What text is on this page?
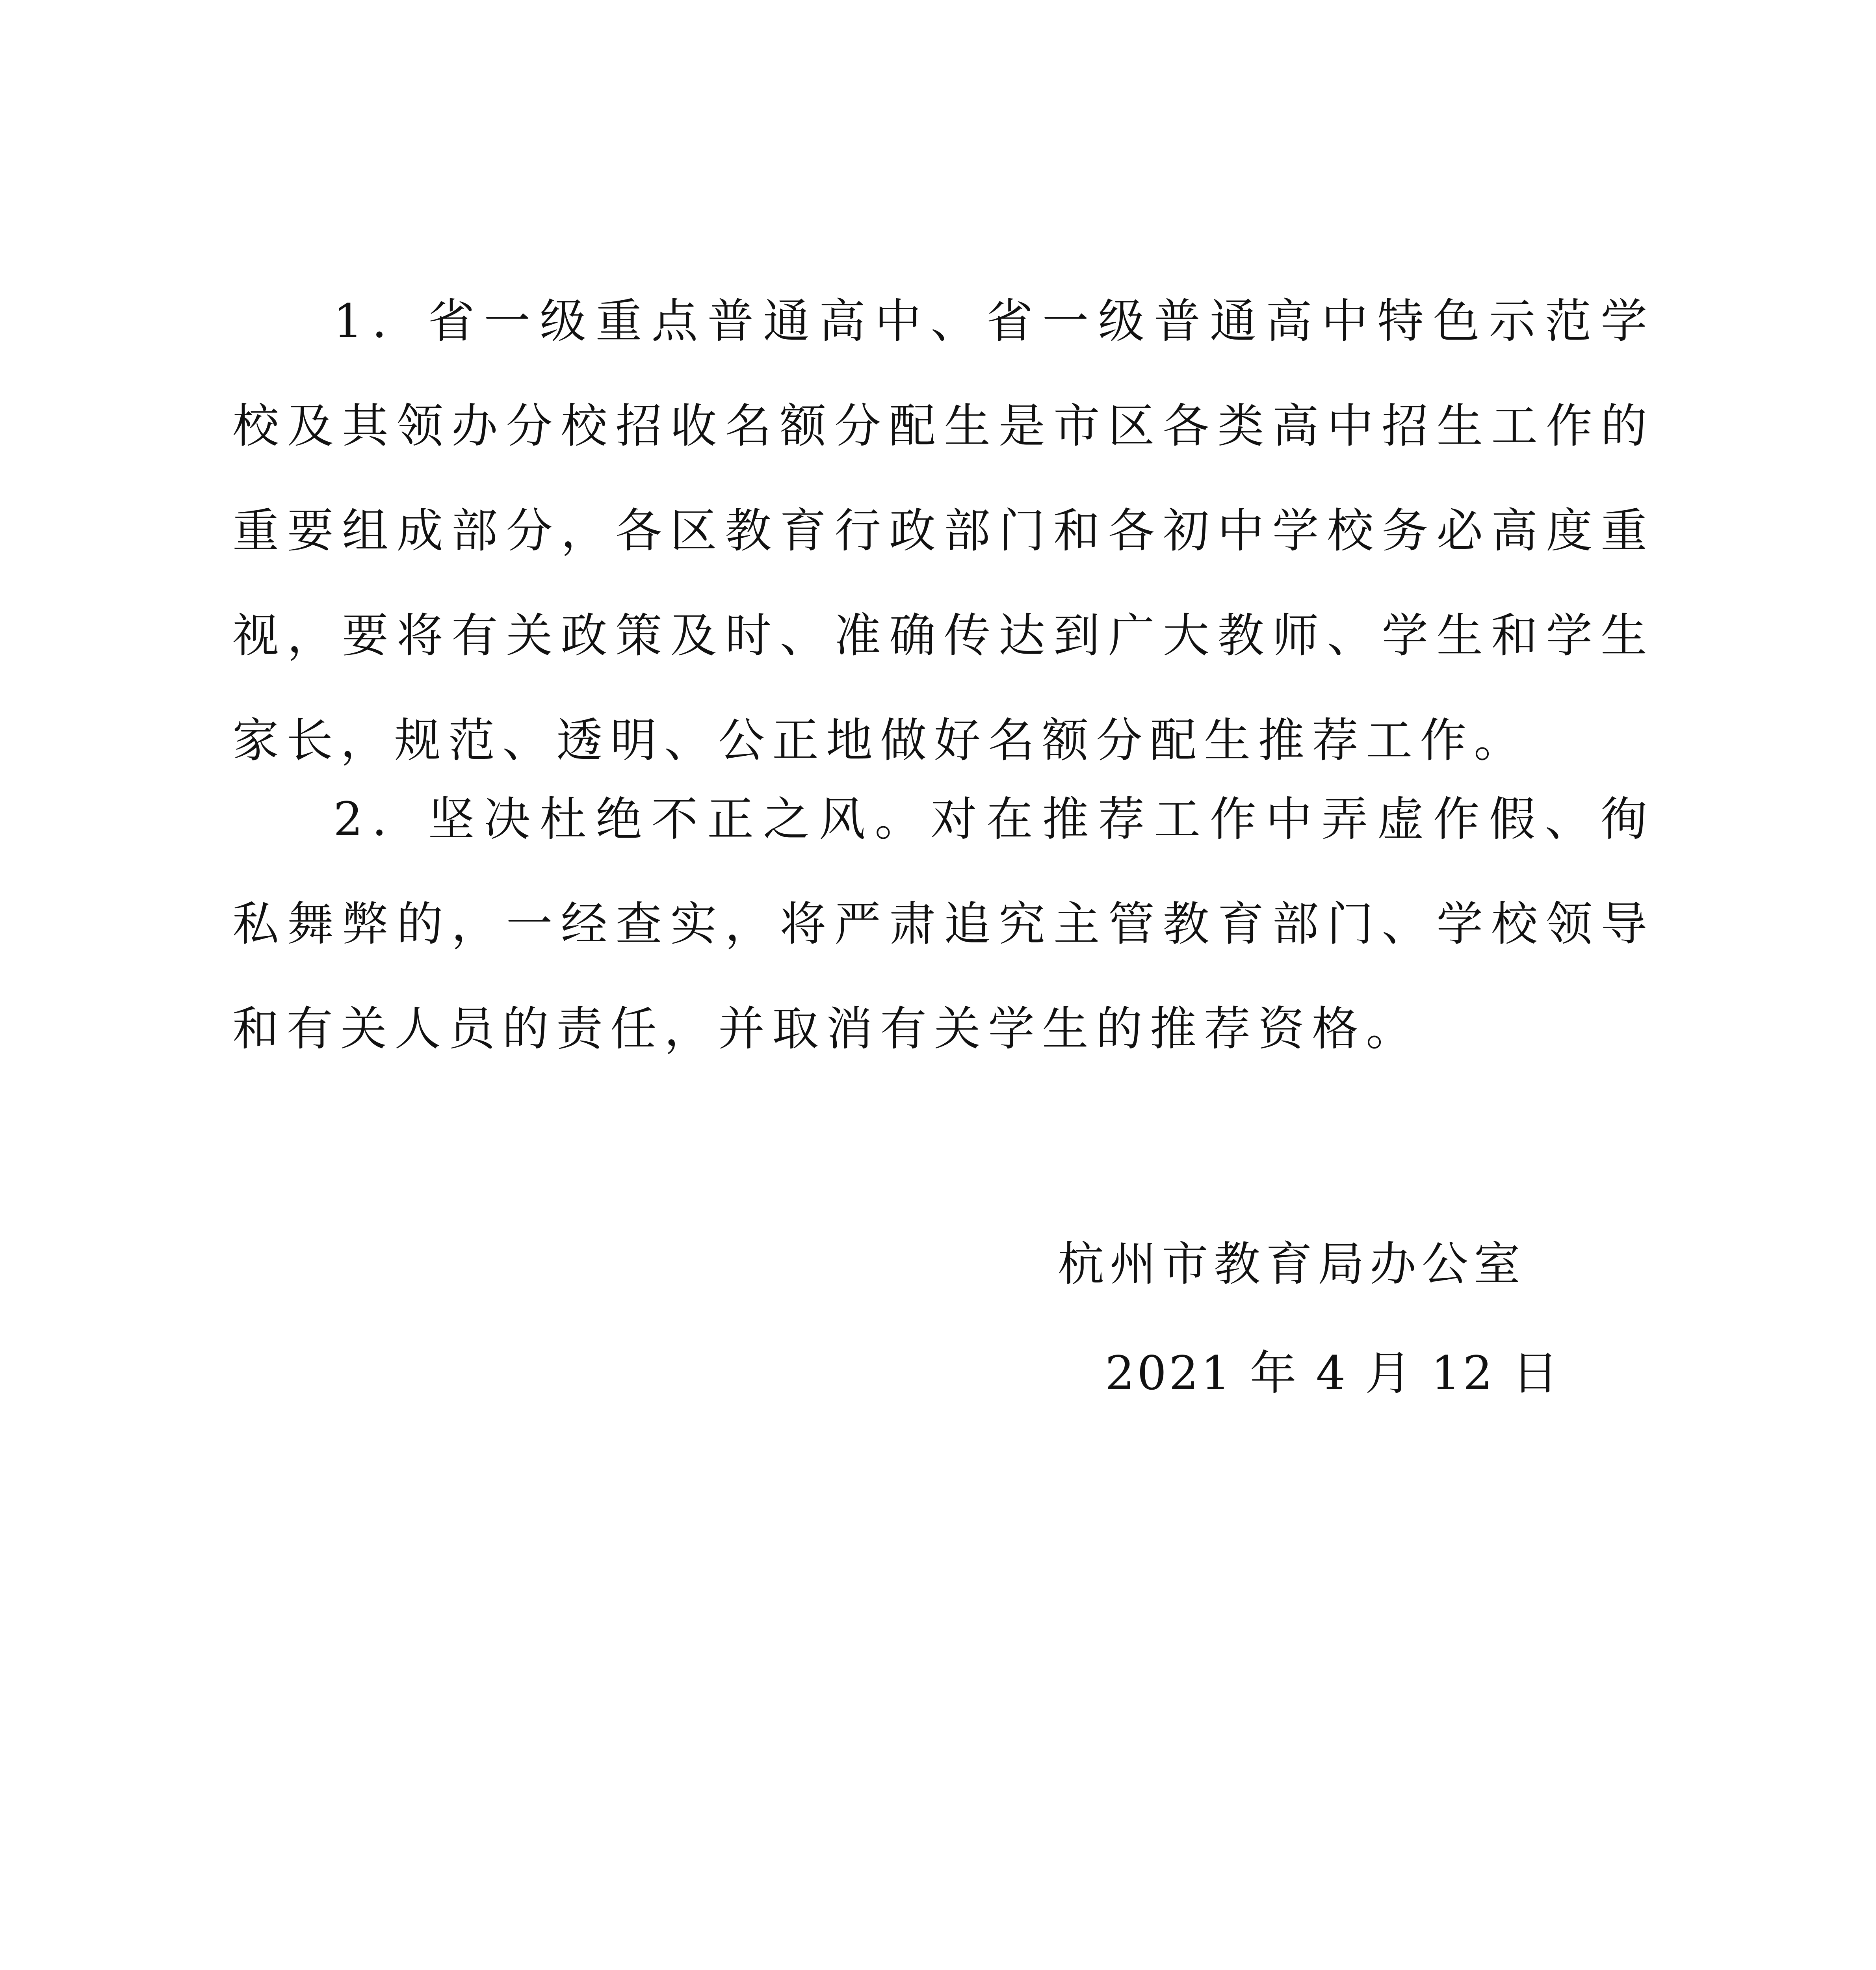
1．省一级重点普通高中、省一级普通高中特色示范学校及其领办分校招收名额分配生是市区各类高中招生工作的重要组成部分，各区教育行政部门和各初中学校务必高度重视，要将有关政策及时、准确传达到广大教师、学生和学生家长，规范、透明、公正地做好名额分配生推荐工作。

2．坚决杜绝不正之风。对在推荐工作中弄虚作假、徇私舞弊的，一经查实，将严肃追究主管教育部门、学校领导和有关人员的责任，并取消有关学生的推荐资格。

杭州市教育局办公室

2021 年 4 月 12 日
